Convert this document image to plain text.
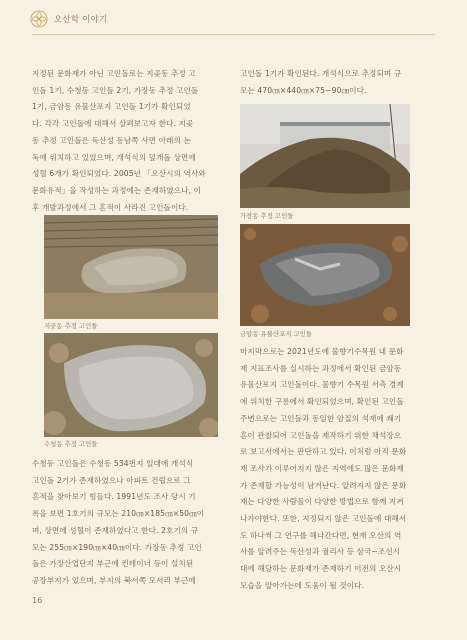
오산학 이야기
지정된 문화재가 아닌 고인돌로는 지곶동 추정 고
인돌 1기, 수청동 고인돌 2기, 가장동 추정 고인돌
1기, 금암동 유물산포지 고인돌 1기가 확인되었
다. 각각 고인돌에 대해서 살펴보고자 한다. 지곶
동 추정 고인돌은 독산성 동남쪽 사면 아래의 논
둑에 위치하고 있었으며, 개석식의 덮개돌 상면에
성혈 6개가 확인되었다. 2005년 「오산시의 역사와
문화유적」을 작성하는 과정에는 존재하였으나, 이
후 개발과정에서 그 흔적이 사라진 고인돌이다.
고인돌 1기가 확인된다. 개석식으로 추정되며 규
모는 470㎝×440㎝×75~90㎝이다.
가장동 추정 고인돌
지곶동 추정 고인돌
금암동 유물산포지 고인돌
수청동 추정 고인돌
수청동 고인돌은 수청동 534번지 일대에 개석식
고인돌 2기가 존재하였으나 아파트 건립으로 그
흔적을 찾아보기 힘들다. 1991년도 조사 당시 기
록을 보면 1호기의 규모는 210㎝×185㎝×50㎝이
며, 상면에 성혈이 존재하였다고 한다. 2호기의 규
모는 255㎝×190㎝×40㎝이다. 가장동 추정 고인
돌은 가장산업단지 부근에 컨테이너 등이 설치된
공장부지가 있으며, 부지의 북서쪽 모서리 부근에
마지막으로는 2021년도에 물향기수목원 내 문화
재 지표조사를 실시하는 과정에서 확인된 금암동
유물산포지 고인돌이다. 물향기 수목원 서측 경계
에 위치한 구릉에서 확인되었으며, 확인된 고인돌
주변으로는 고인돌과 동일한 암질의 석재에 쐐기
흔이 관찰되어 고인돌을 제작하기 위한 채석장으
로 보고서에서는 판단하고 있다. 이처럼 아직 문화
재 조사가 이루어지지 않은 지역에도 많은 문화재
가 존재할 가능성이 남겨난다. 알려지지 않은 문화
재는 다양한 사람들이 다양한 방법으로 함께 지켜
나가야한다. 또한, 지정되지 않은 고인돌에 대해서
도 하나씩 그 연구를 해나간다면, 현재 오산의 역
사를 알려주는 독산성과 궐리사 등 삼국~조선시
대에 해당하는 문화재가 존재하기 이전의 오산시
모습을 알아가는데 도움이 될 것이다.
16
